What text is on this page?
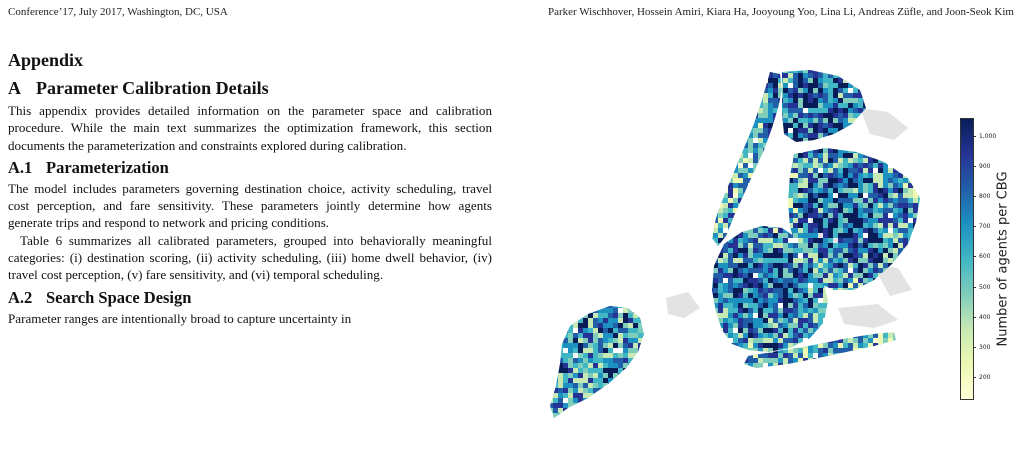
Conference’17, July 2017, Washington, DC, USA	Parker Wischhover, Hossein Amiri, Kiara Ha, Jooyoung Yoo, Lina Li, Andreas Züfle, and Joon-Seok Kim
Appendix
A Parameter Calibration Details

This appendix provides detailed information on the parameter space and calibration procedure. While the main text summarizes the optimization framework, this section documents the parameterization and constraints explored during calibration.

A.1 Parameterization

The model includes parameters governing destination choice, activity scheduling, travel cost perception, and fare sensitivity. These parameters jointly determine how agents generate trips and respond to network and pricing conditions.

Table 6 summarizes all calibrated parameters, grouped into behaviorally meaningful categories: (i) destination scoring, (ii) activity scheduling, (iii) home dwell behavior, (iv) travel cost perception, (v) fare sensitivity, and (vi) temporal scheduling.

A.2 Search Space Design

Parameter ranges are intentionally broad to capture uncertainty in

1,000
900
800
700
600
500
400
300
200
Number of agents per CBG
